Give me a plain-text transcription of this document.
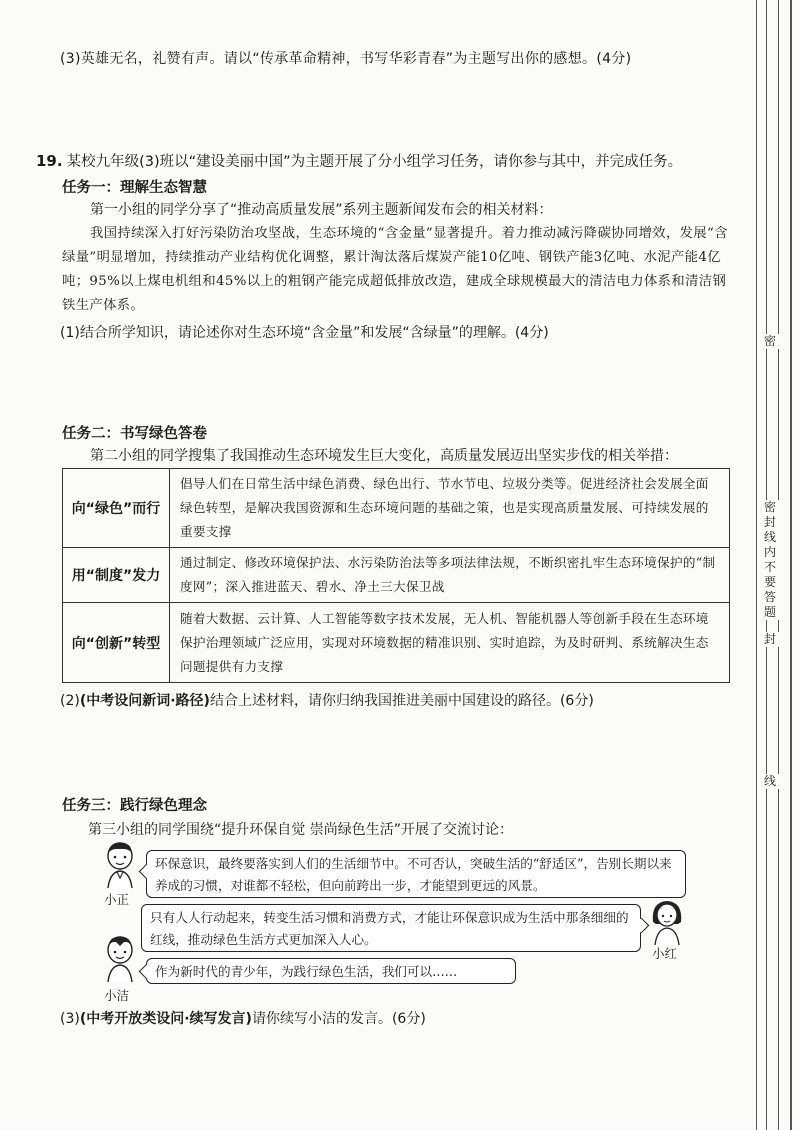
(3)英雄无名，礼赞有声。请以“传承革命精神，书写华彩青春”为主题写出你的感想。(4分)
19. 某校九年级(3)班以“建设美丽中国”为主题开展了分小组学习任务，请你参与其中，并完成任务。
任务一：理解生态智慧
第一小组的同学分享了“推动高质量发展”系列主题新闻发布会的相关材料：
我国持续深入打好污染防治攻坚战，生态环境的“含金量”显著提升。着力推动减污降碳协同增效，发展“含绿量”明显增加，持续推动产业结构优化调整，累计淘汰落后煤炭产能10亿吨、钢铁产能3亿吨、水泥产能4亿吨；95%以上煤电机组和45%以上的粗钢产能完成超低排放改造，建成全球规模最大的清洁电力体系和清洁钢铁生产体系。
(1)结合所学知识，请论述你对生态环境“含金量”和发展“含绿量”的理解。(4分)
任务二：书写绿色答卷
第二小组的同学搜集了我国推动生态环境发生巨大变化，高质量发展迈出坚实步伐的相关举措：
向“绿色”而行	倡导人们在日常生活中绿色消费、绿色出行、节水节电、垃圾分类等。促进经济社会发展全面绿色转型，是解决我国资源和生态环境问题的基础之策，也是实现高质量发展、可持续发展的重要支撑
用“制度”发力	通过制定、修改环境保护法、水污染防治法等多项法律法规，不断织密扎牢生态环境保护的“制度网”；深入推进蓝天、碧水、净土三大保卫战
向“创新”转型	随着大数据、云计算、人工智能等数字技术发展，无人机、智能机器人等创新手段在生态环境保护治理领域广泛应用，实现对环境数据的精准识别、实时追踪，为及时研判、系统解决生态问题提供有力支撑
(2)(中考设问新词·路径)结合上述材料，请你归纳我国推进美丽中国建设的路径。(6分)
任务三：践行绿色理念
第三小组的同学围绕“提升环保自觉 崇尚绿色生活”开展了交流讨论：
小正
环保意识，最终要落实到人们的生活细节中。不可否认，突破生活的“舒适区”，告别长期以来养成的习惯，对谁都不轻松，但向前跨出一步，才能望到更远的风景。
只有人人行动起来，转变生活习惯和消费方式，才能让环保意识成为生活中那条细细的红线，推动绿色生活方式更加深入人心。
小红
小洁
作为新时代的青少年，为践行绿色生活，我们可以……
(3)(中考开放类设问·续写发言)请你续写小洁的发言。(6分)
密
密封线内不要答题
封
线
